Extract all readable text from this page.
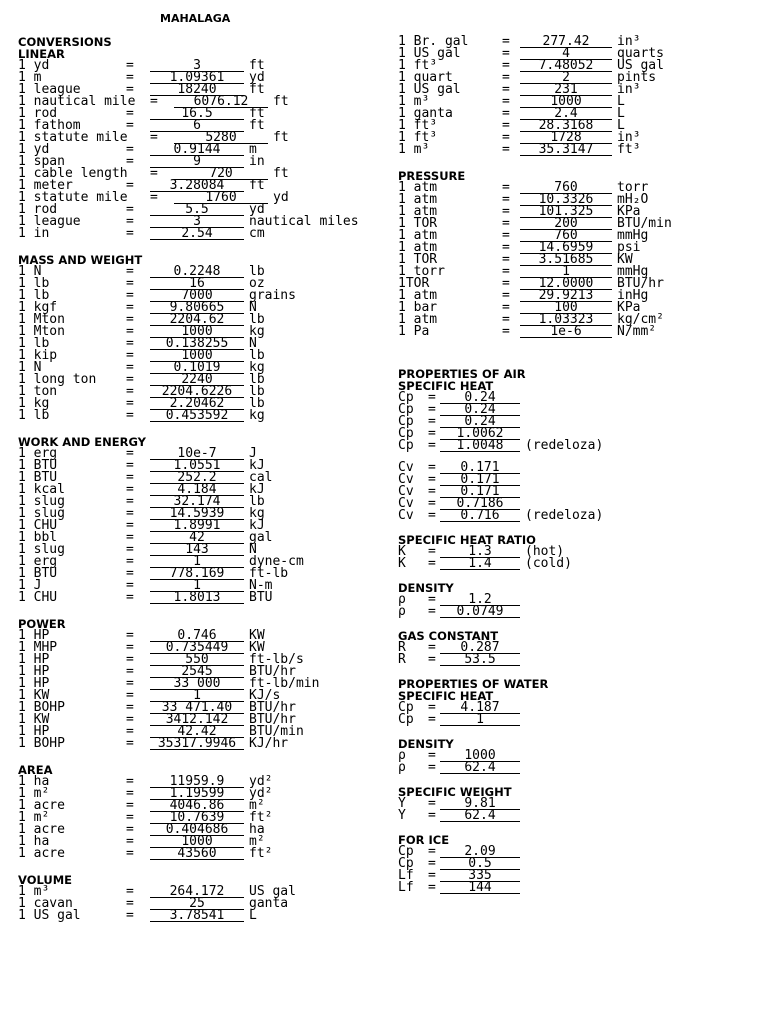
MAHALAGA
CONVERSIONS
LINEAR
1 yd	=	3	ft
1 m	=	1.09361	yd
1 league	=	18240	ft
1 nautical mile	=	6076.12	ft
1 rod	=	16.5	ft
1 fathom	=	6	ft
1 statute mile	=	5280	ft
1 yd	=	0.9144	m
1 span	=	9	in
1 cable length	=	720	ft
1 meter	=	3.28084	ft
1 statute mile	=	1760	yd
1 rod	=	5.5	yd
1 league	=	3	nautical miles
1 in	=	2.54	cm
MASS AND WEIGHT
1 N	=	0.2248	lb
1 lb	=	16	oz
1 lb	=	7000	grains
1 kgf	=	9.80665	N
1 Mton	=	2204.62	lb
1 Mton	=	1000	kg
1 lb	=	0.138255	N
1 kip	=	1000	lb
1 N	=	0.1019	kg
1 long ton	=	2240	lb
1 ton	=	2204.6226	lb
1 kg	=	2.20462	lb
1 lb	=	0.453592	kg
WORK AND ENERGY
1 erg	=	10e-7	J
1 BTU	=	1.0551	kJ
1 BTU	=	252.2	cal
1 kcal	=	4.184	kJ
1 slug	=	32.174	lb
1 slug	=	14.5939	kg
1 CHU	=	1.8991	kJ
1 bbl	=	42	gal
1 slug	=	143	N
1 erg	=	1	dyne-cm
1 BTU	=	778.169	ft-lb
1 J	=	1	N-m
1 CHU	=	1.8013	BTU
POWER
1 HP	=	0.746	KW
1 MHP	=	0.735449	KW
1 HP	=	550	ft-lb/s
1 HP	=	2545	BTU/hr
1 HP	=	33 000	ft-lb/min
1 KW	=	1	KJ/s
1 BOHP	=	33 471.40	BTU/hr
1 KW	=	3412.142	BTU/hr
1 HP	=	42.42	BTU/min
1 BOHP	=	35317.9946 KJ/hr
AREA
1 ha	=	11959.9	yd²
1 m²	=	1.19599	yd²
1 acre	=	4046.86	m²
1 m²	=	10.7639	ft²
1 acre	=	0.404686	ha
1 ha	=	1000	m²
1 acre	=	43560	ft²
VOLUME
1 m³	=	264.172	US gal
1 cavan	=	25	ganta
1 US gal	=	3.78541	L
1 Br. gal	=	277.42	in³
1 US gal	=	4	quarts
1 ft³	=	7.48052	US gal
1 quart	=	2	pints
1 US gal	=	231	in³
1 m³	=	1000	L
1 ganta	=	2.4	L
1 ft³	=	28.3168	L
1 ft³	=	1728	in³
1 m³	=	35.3147	ft³
PRESSURE
1 atm	=	760	torr
1 atm	=	10.3326	mH₂O
1 atm	=	101.325	KPa
1 TOR	=	200	BTU/min
1 atm	=	760	mmHg
1 atm	=	14.6959	psi
1 TOR	=	3.51685	KW
1 torr	=	1	mmHg
1TOR	=	12.0000	BTU/hr
1 atm	=	29.9213	inHg
1 bar	=	100	KPa
1 atm	=	1.03323	kg/cm²
1 Pa	=	1e-6	N/mm²
PROPERTIES OF AIR
SPECIFIC HEAT
Cp	=	0.24
Cp	=	0.24
Cp	=	0.24
Cp	=	1.0062
Cp	=	1.0048	(redeloza)
Cv	=	0.171
Cv	=	0.171
Cv	=	0.171
Cv	=	0.7186
Cv	=	0.716	(redeloza)
SPECIFIC HEAT RATIO
K	=	1.3	(hot)
K	=	1.4	(cold)
DENSITY
ρ	=	1.2
ρ	=	0.0749
GAS CONSTANT
R	=	0.287
R	=	53.5
PROPERTIES OF WATER
SPECIFIC HEAT
Cp	=	4.187
Cp	=	1
DENSITY
ρ	=	1000
ρ	=	62.4
SPECIFIC WEIGHT
Y	=	9.81
Y	=	62.4
FOR ICE
Cp	=	2.09
Cp	=	0.5
Lf	=	335
Lf	=	144
